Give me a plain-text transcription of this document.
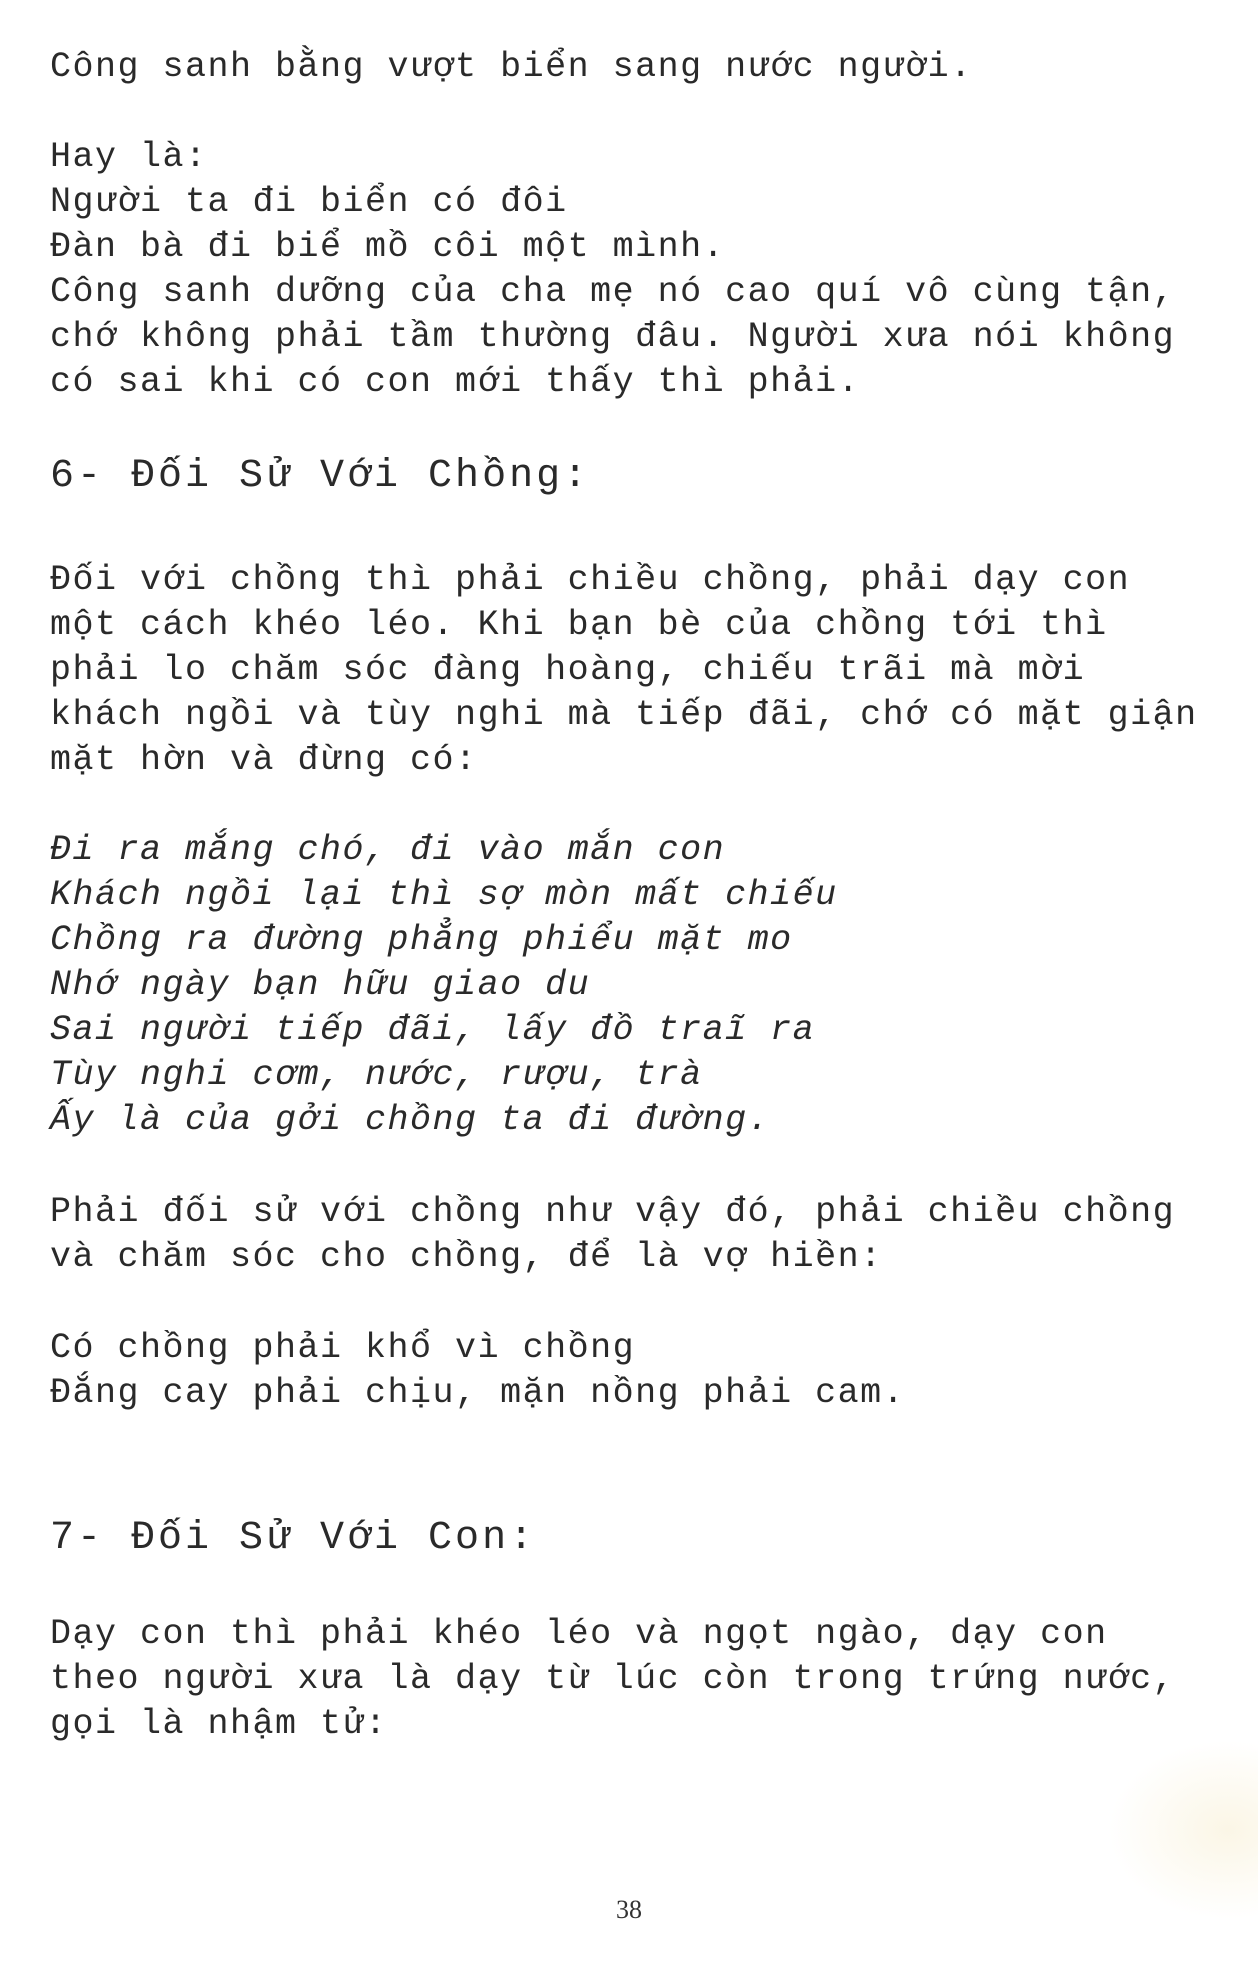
Công sanh bằng vượt biển sang nước người.
Hay là:
Người ta đi biển có đôi
Đàn bà đi biể mồ côi một mình.
Công sanh dưỡng của cha mẹ nó cao quí vô cùng tận,
chớ không phải tầm thường đâu. Người xưa nói không
có sai khi có con mới thấy thì phải.
6- Đối Sử Với Chồng:
Đối với chồng thì phải chiều chồng, phải dạy con
một cách khéo léo. Khi bạn bè của chồng tới thì
phải lo chăm sóc đàng hoàng, chiếu trãi mà mời
khách ngồi và tùy nghi mà tiếp đãi, chớ có mặt giận
mặt hờn và đừng có:
Đi ra mắng chó, đi vào mắn con
Khách ngồi lại thì sợ mòn mất chiếu
Chồng ra đường phẳng phiểu mặt mo
Nhớ ngày bạn hữu giao du
Sai người tiếp đãi, lấy đồ traĩ ra
Tùy nghi cơm, nước, rượu, trà
Ấy là của gởi chồng ta đi đường.
Phải đối sử với chồng như vậy đó, phải chiều chồng
và chăm sóc cho chồng, để là vợ hiền:
Có chồng phải khổ vì chồng
Đắng cay phải chịu, mặn nồng phải cam.
7- Đối Sử Với Con:
Dạy con thì phải khéo léo và ngọt ngào, dạy con
theo người xưa là dạy từ lúc còn trong trứng nước,
gọi là nhậm tử:
38
